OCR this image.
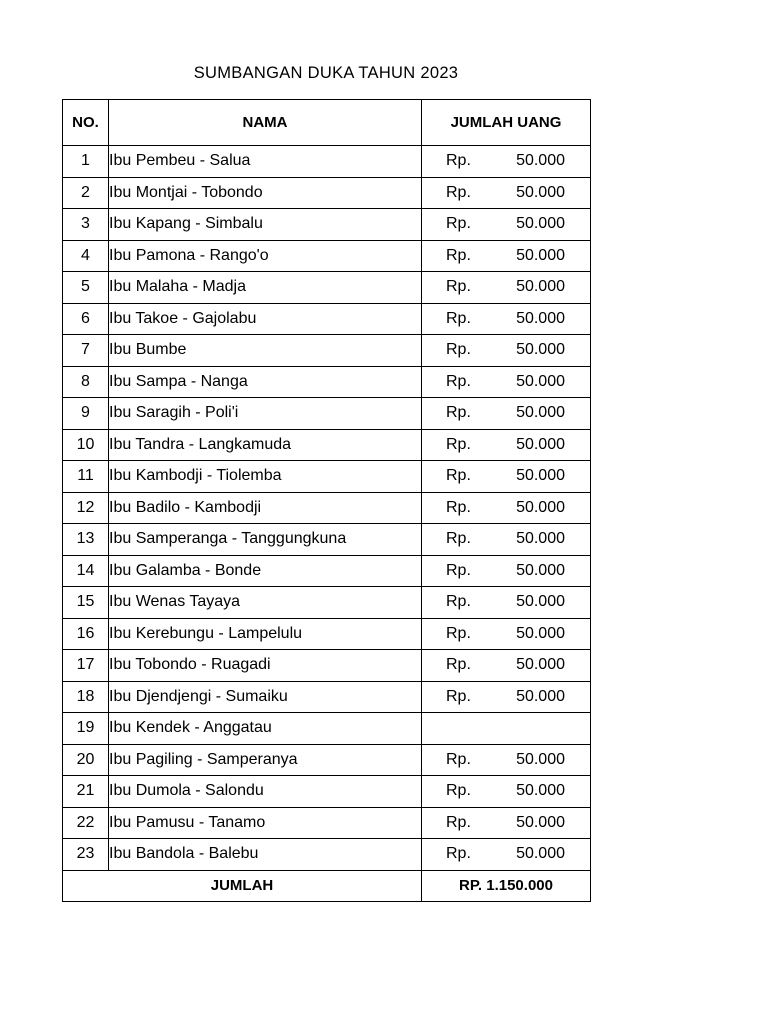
SUMBANGAN DUKA TAHUN 2023
NO.	NAMA	JUMLAH UANG
1	Ibu Pembeu - Salua	Rp. 50.000

2	Ibu Montjai - Tobondo	Rp. 50.000

3	Ibu Kapang - Simbalu	Rp. 50.000

4	Ibu Pamona - Rango'o	Rp. 50.000

5	Ibu Malaha - Madja	Rp. 50.000

6	Ibu Takoe - Gajolabu	Rp. 50.000

7	Ibu Bumbe	Rp. 50.000

8	Ibu Sampa - Nanga	Rp. 50.000

9	Ibu Saragih - Poli'i	Rp. 50.000

10	Ibu Tandra - Langkamuda	Rp. 50.000

11	Ibu Kambodji - Tiolemba	Rp. 50.000

12	Ibu Badilo - Kambodji	Rp. 50.000

13	Ibu Samperanga - Tanggungkuna	Rp. 50.000

14	Ibu Galamba - Bonde	Rp. 50.000

15	Ibu Wenas Tayaya	Rp. 50.000

16	Ibu Kerebungu - Lampelulu	Rp. 50.000

17	Ibu Tobondo - Ruagadi	Rp. 50.000

18	Ibu Djendjengi - Sumaiku	Rp. 50.000

19	Ibu Kendek - Anggatau	

20	Ibu Pagiling - Samperanya	Rp. 50.000

21	Ibu Dumola - Salondu	Rp. 50.000

22	Ibu Pamusu - Tanamo	Rp. 50.000

23	Ibu Bandola - Balebu	Rp. 50.000

JUMLAH		RP. 1.150.000
